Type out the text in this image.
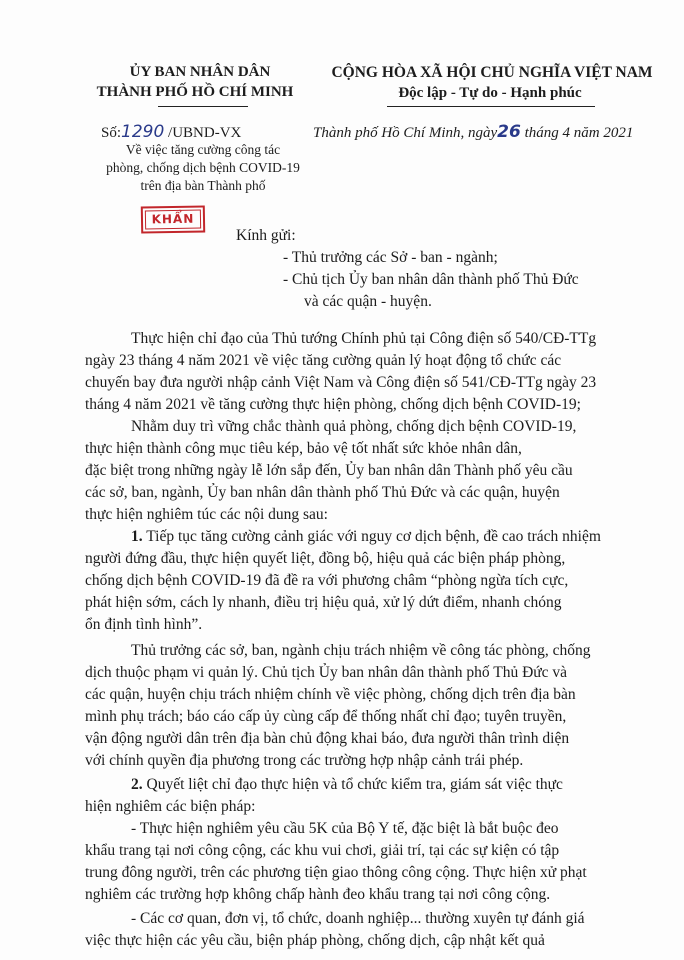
ỦY BAN NHÂN DÂN
THÀNH PHỐ HỒ CHÍ MINH
CỘNG HÒA XÃ HỘI CHỦ NGHĨA VIỆT NAM
Độc lập - Tự do - Hạnh phúc
Số:1290 /UBND-VX	Thành phố Hồ Chí Minh, ngày26 tháng 4 năm 2021
Về việc tăng cường công tác
phòng, chống dịch bệnh COVID-19
trên địa bàn Thành phố
KHẨN
Kính gửi:
- Thủ trưởng các Sở - ban - ngành;
- Chủ tịch Ủy ban nhân dân thành phố Thủ Đức
và các quận - huyện.
Thực hiện chỉ đạo của Thủ tướng Chính phủ tại Công điện số 540/CĐ-TTg
ngày 23 tháng 4 năm 2021 về việc tăng cường quản lý hoạt động tổ chức các
chuyến bay đưa người nhập cảnh Việt Nam và Công điện số 541/CĐ-TTg ngày 23
tháng 4 năm 2021 về tăng cường thực hiện phòng, chống dịch bệnh COVID-19;
Nhằm duy trì vững chắc thành quả phòng, chống dịch bệnh COVID-19,
thực hiện thành công mục tiêu kép, bảo vệ tốt nhất sức khỏe nhân dân,
đặc biệt trong những ngày lễ lớn sắp đến, Ủy ban nhân dân Thành phố yêu cầu
các sở, ban, ngành, Ủy ban nhân dân thành phố Thủ Đức và các quận, huyện
thực hiện nghiêm túc các nội dung sau:
1. Tiếp tục tăng cường cảnh giác với nguy cơ dịch bệnh, đề cao trách nhiệm
người đứng đầu, thực hiện quyết liệt, đồng bộ, hiệu quả các biện pháp phòng,
chống dịch bệnh COVID-19 đã đề ra với phương châm “phòng ngừa tích cực,
phát hiện sớm, cách ly nhanh, điều trị hiệu quả, xử lý dứt điểm, nhanh chóng
ổn định tình hình”.
Thủ trưởng các sở, ban, ngành chịu trách nhiệm về công tác phòng, chống
dịch thuộc phạm vi quản lý. Chủ tịch Ủy ban nhân dân thành phố Thủ Đức và
các quận, huyện chịu trách nhiệm chính về việc phòng, chống dịch trên địa bàn
mình phụ trách; báo cáo cấp ủy cùng cấp để thống nhất chỉ đạo; tuyên truyền,
vận động người dân trên địa bàn chủ động khai báo, đưa người thân trình diện
với chính quyền địa phương trong các trường hợp nhập cảnh trái phép.
2. Quyết liệt chỉ đạo thực hiện và tổ chức kiểm tra, giám sát việc thực
hiện nghiêm các biện pháp:
- Thực hiện nghiêm yêu cầu 5K của Bộ Y tế, đặc biệt là bắt buộc đeo
khẩu trang tại nơi công cộng, các khu vui chơi, giải trí, tại các sự kiện có tập
trung đông người, trên các phương tiện giao thông công cộng. Thực hiện xử phạt
nghiêm các trường hợp không chấp hành đeo khẩu trang tại nơi công cộng.
- Các cơ quan, đơn vị, tổ chức, doanh nghiệp... thường xuyên tự đánh giá
việc thực hiện các yêu cầu, biện pháp phòng, chống dịch, cập nhật kết quả
